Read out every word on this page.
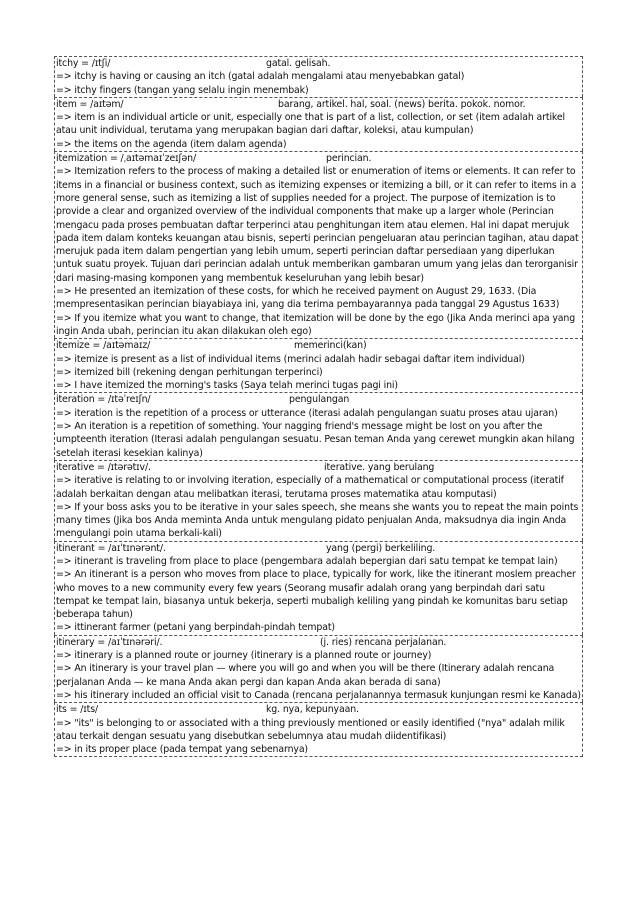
itchy = /ɪtʃi/	gatal. gelisah.
=> itchy is having or causing an itch (gatal adalah mengalami atau menyebabkan gatal)
=> itchy fingers (tangan yang selalu ingin menembak)
item = /aɪtəm/	barang, artikel. hal, soal. (news) berita. pokok. nomor.
=> item is an individual article or unit, especially one that is part of a list, collection, or set (item adalah artikel atau unit individual, terutama yang merupakan bagian dari daftar, koleksi, atau kumpulan)
=> the items on the agenda (item dalam agenda)
itemization = /ˌaɪtəmaɪˈzeɪʃən/	perincian.
=> Itemization refers to the process of making a detailed list or enumeration of items or elements. It can refer to items in a financial or business context, such as itemizing expenses or itemizing a bill, or it can refer to items in a more general sense, such as itemizing a list of supplies needed for a project. The purpose of itemization is to provide a clear and organized overview of the individual components that make up a larger whole (Perincian mengacu pada proses pembuatan daftar terperinci atau penghitungan item atau elemen. Hal ini dapat merujuk pada item dalam konteks keuangan atau bisnis, seperti perincian pengeluaran atau perincian tagihan, atau dapat merujuk pada item dalam pengertian yang lebih umum, seperti perincian daftar persediaan yang diperlukan untuk suatu proyek. Tujuan dari perincian adalah untuk memberikan gambaran umum yang jelas dan terorganisir dari masing-masing komponen yang membentuk keseluruhan yang lebih besar)
=> He presented an itemization of these costs, for which he received payment on August 29, 1633. (Dia mempresentasikan perincian biayabiaya ini, yang dia terima pembayarannya pada tanggal 29 Agustus 1633)
=> If you itemize what you want to change, that itemization will be done by the ego (Jika Anda merinci apa yang ingin Anda ubah, perincian itu akan dilakukan oleh ego)
itemize = /aɪtəmaɪz/	memerinci(kan)
=> itemize is present as a list of individual items (merinci adalah hadir sebagai daftar item individual)
=> itemized bill (rekening dengan perhitungan terperinci)
=> I have itemized the morning's tasks (Saya telah merinci tugas pagi ini)
iteration = /ɪtəˈreɪʃn/	pengulangan
=> iteration is the repetition of a process or utterance (iterasi adalah pengulangan suatu proses atau ujaran)
=> An iteration is a repetition of something. Your nagging friend's message might be lost on you after the umpteenth iteration (Iterasi adalah pengulangan sesuatu. Pesan teman Anda yang cerewet mungkin akan hilang setelah iterasi kesekian kalinya)
iterative = /ɪtərətɪv/.	iterative. yang berulang
=> iterative is relating to or involving iteration, especially of a mathematical or computational process (iteratif adalah berkaitan dengan atau melibatkan iterasi, terutama proses matematika atau komputasi)
=> If your boss asks you to be iterative in your sales speech, she means she wants you to repeat the main points many times (Jika bos Anda meminta Anda untuk mengulang pidato penjualan Anda, maksudnya dia ingin Anda mengulangi poin utama berkali-kali)
itinerant = /aɪˈtɪnərənt/.	yang (pergi) berkeliling.
=> itinerant is traveling from place to place (pengembara adalah bepergian dari satu tempat ke tempat lain)
=> An itinerant is a person who moves from place to place, typically for work, like the itinerant moslem preacher who moves to a new community every few years (Seorang musafir adalah orang yang berpindah dari satu tempat ke tempat lain, biasanya untuk bekerja, seperti mubaligh keliling yang pindah ke komunitas baru setiap beberapa tahun)
=> ittinerant farmer (petani yang berpindah-pindah tempat)
itinerary = /aɪˈtɪnərəri/.	(j. ries) rencana perjalanan.
=> itinerary is a planned route or journey (itinerary is a planned route or journey)
=> An itinerary is your travel plan — where you will go and when you will be there (Itinerary adalah rencana perjalanan Anda — ke mana Anda akan pergi dan kapan Anda akan berada di sana)
=> his itinerary included an official visit to Canada (rencana perjalanannya termasuk kunjungan resmi ke Kanada)
its = /ɪts/	kg. nya, kepunyaan.
=> "its" is belonging to or associated with a thing previously mentioned or easily identified ("nya" adalah milik atau terkait dengan sesuatu yang disebutkan sebelumnya atau mudah diidentifikasi)
=> in its proper place (pada tempat yang sebenarnya)
